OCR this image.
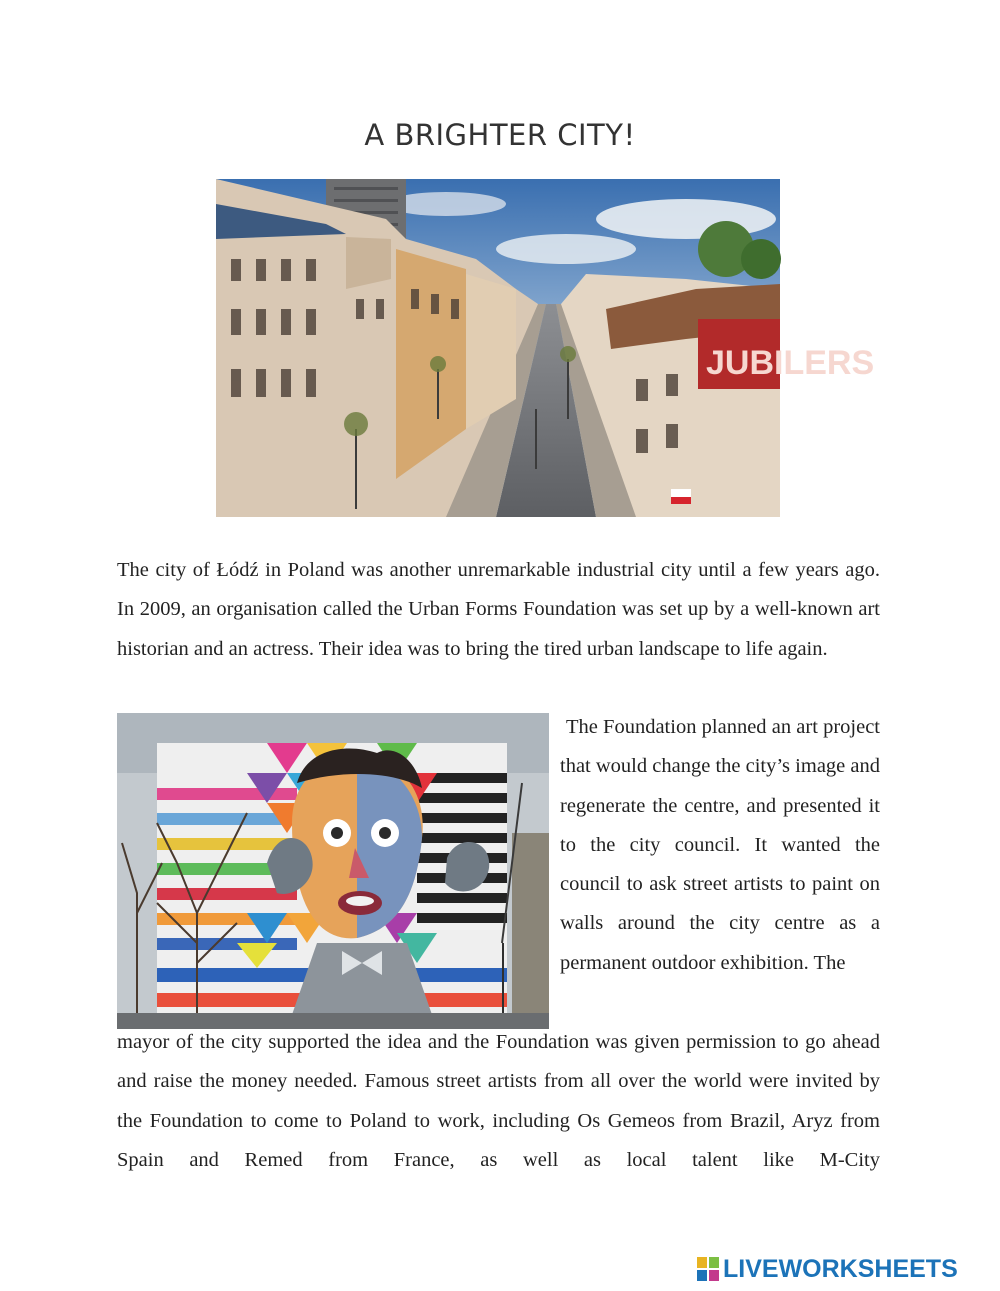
A BRIGHTER CITY!
JUBILERS

The city of Łódź in Poland was another unremarkable industrial city until a few years ago. In 2009, an organisation called the Urban Forms Foundation was set up by a well-known art historian and an actress. Their idea was to bring the tired urban landscape to life again.

The Foundation planned an art project that would change the city’s image and regenerate the centre, and presented it to the city council. It wanted the council to ask street artists to paint on walls around the city centre as a permanent outdoor exhibition. The

mayor of the city supported the idea and the Foundation was given permission to go ahead and raise the money needed. Famous street artists from all over the world were invited by the Foundation to come to Poland to work, including Os Gemeos from Brazil, Aryz from Spain and Remed from France, as well as local talent like M-City

LIVEWORKSHEETS
